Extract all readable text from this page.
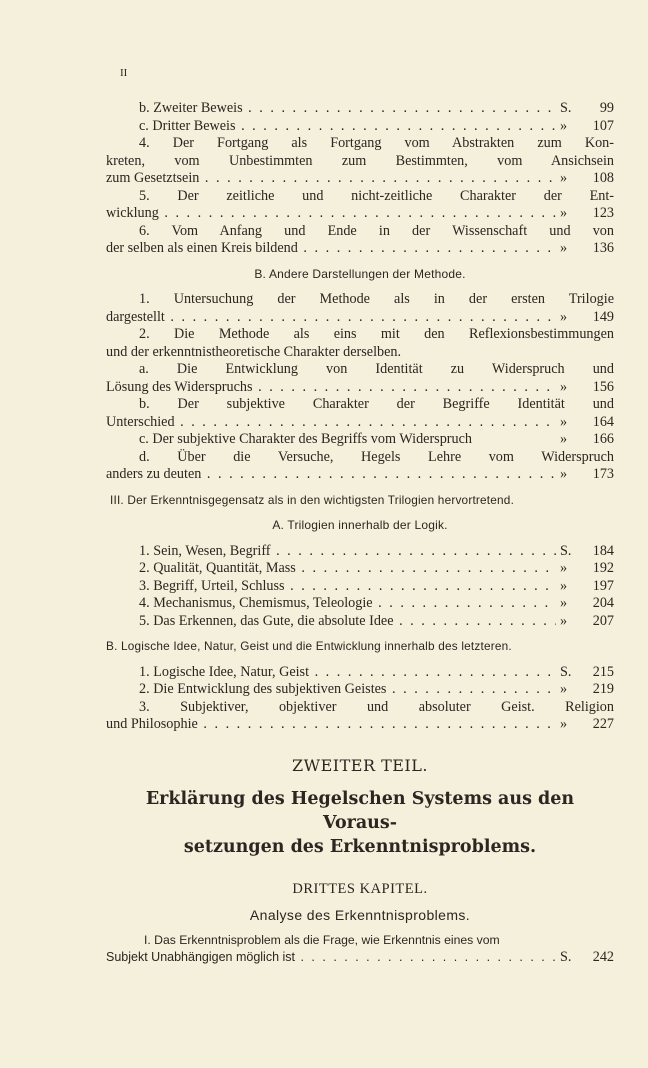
II
b. Zweiter Beweis . . .	S. 99
c. Dritter Beweis . . .	» 107
4. Der Fortgang als Fortgang vom Abstrakten zum Kon-
kreten, vom Unbestimmten zum Bestimmten, vom Ansichsein
zum Gesetztsein . . .	» 108
5. Der zeitliche und nicht-zeitliche Charakter der Ent-
wicklung . . .	» 123
6. Vom Anfang und Ende in der Wissenschaft und von
der selben als einen Kreis bildend . . .	» 136
B. Andere Darstellungen der Methode.
1. Untersuchung der Methode als in der ersten Trilogie
dargestellt . . .	» 149
2. Die Methode als eins mit den Reflexionsbestimmungen
und der erkenntnistheoretische Charakter derselben.
a. Die Entwicklung von Identität zu Widerspruch und
Lösung des Widerspruchs . . .	» 156
b. Der subjektive Charakter der Begriffe Identität und
Unterschied . . .	» 164
c. Der subjektive Charakter des Begriffs vom Widerspruch	» 166
d. Über die Versuche, Hegels Lehre vom Widerspruch
anders zu deuten . . .	» 173
III. Der Erkenntnisgegensatz als in den wichtigsten Trilogien hervortretend.
A. Trilogien innerhalb der Logik.
1. Sein, Wesen, Begriff . . .	S. 184
2. Qualität, Quantität, Mass . . .	» 192
3. Begriff, Urteil, Schluss . . .	» 197
4. Mechanismus, Chemismus, Teleologie . . .	» 204
5. Das Erkennen, das Gute, die absolute Idee . . .	» 207
B. Logische Idee, Natur, Geist und die Entwicklung innerhalb des letzteren.
1. Logische Idee, Natur, Geist . . .	S. 215
2. Die Entwicklung des subjektiven Geistes . . .	» 219
3. Subjektiver, objektiver und absoluter Geist. Religion
und Philosophie . . .	» 227
ZWEITER TEIL.
Erklärung des Hegelschen Systems aus den Voraus-
setzungen des Erkenntnisproblems.
DRITTES KAPITEL.
Analyse des Erkenntnisproblems.
I. Das Erkenntnisproblem als die Frage, wie Erkenntnis eines vom
Subjekt Unabhängigen möglich ist . . .	S. 242
